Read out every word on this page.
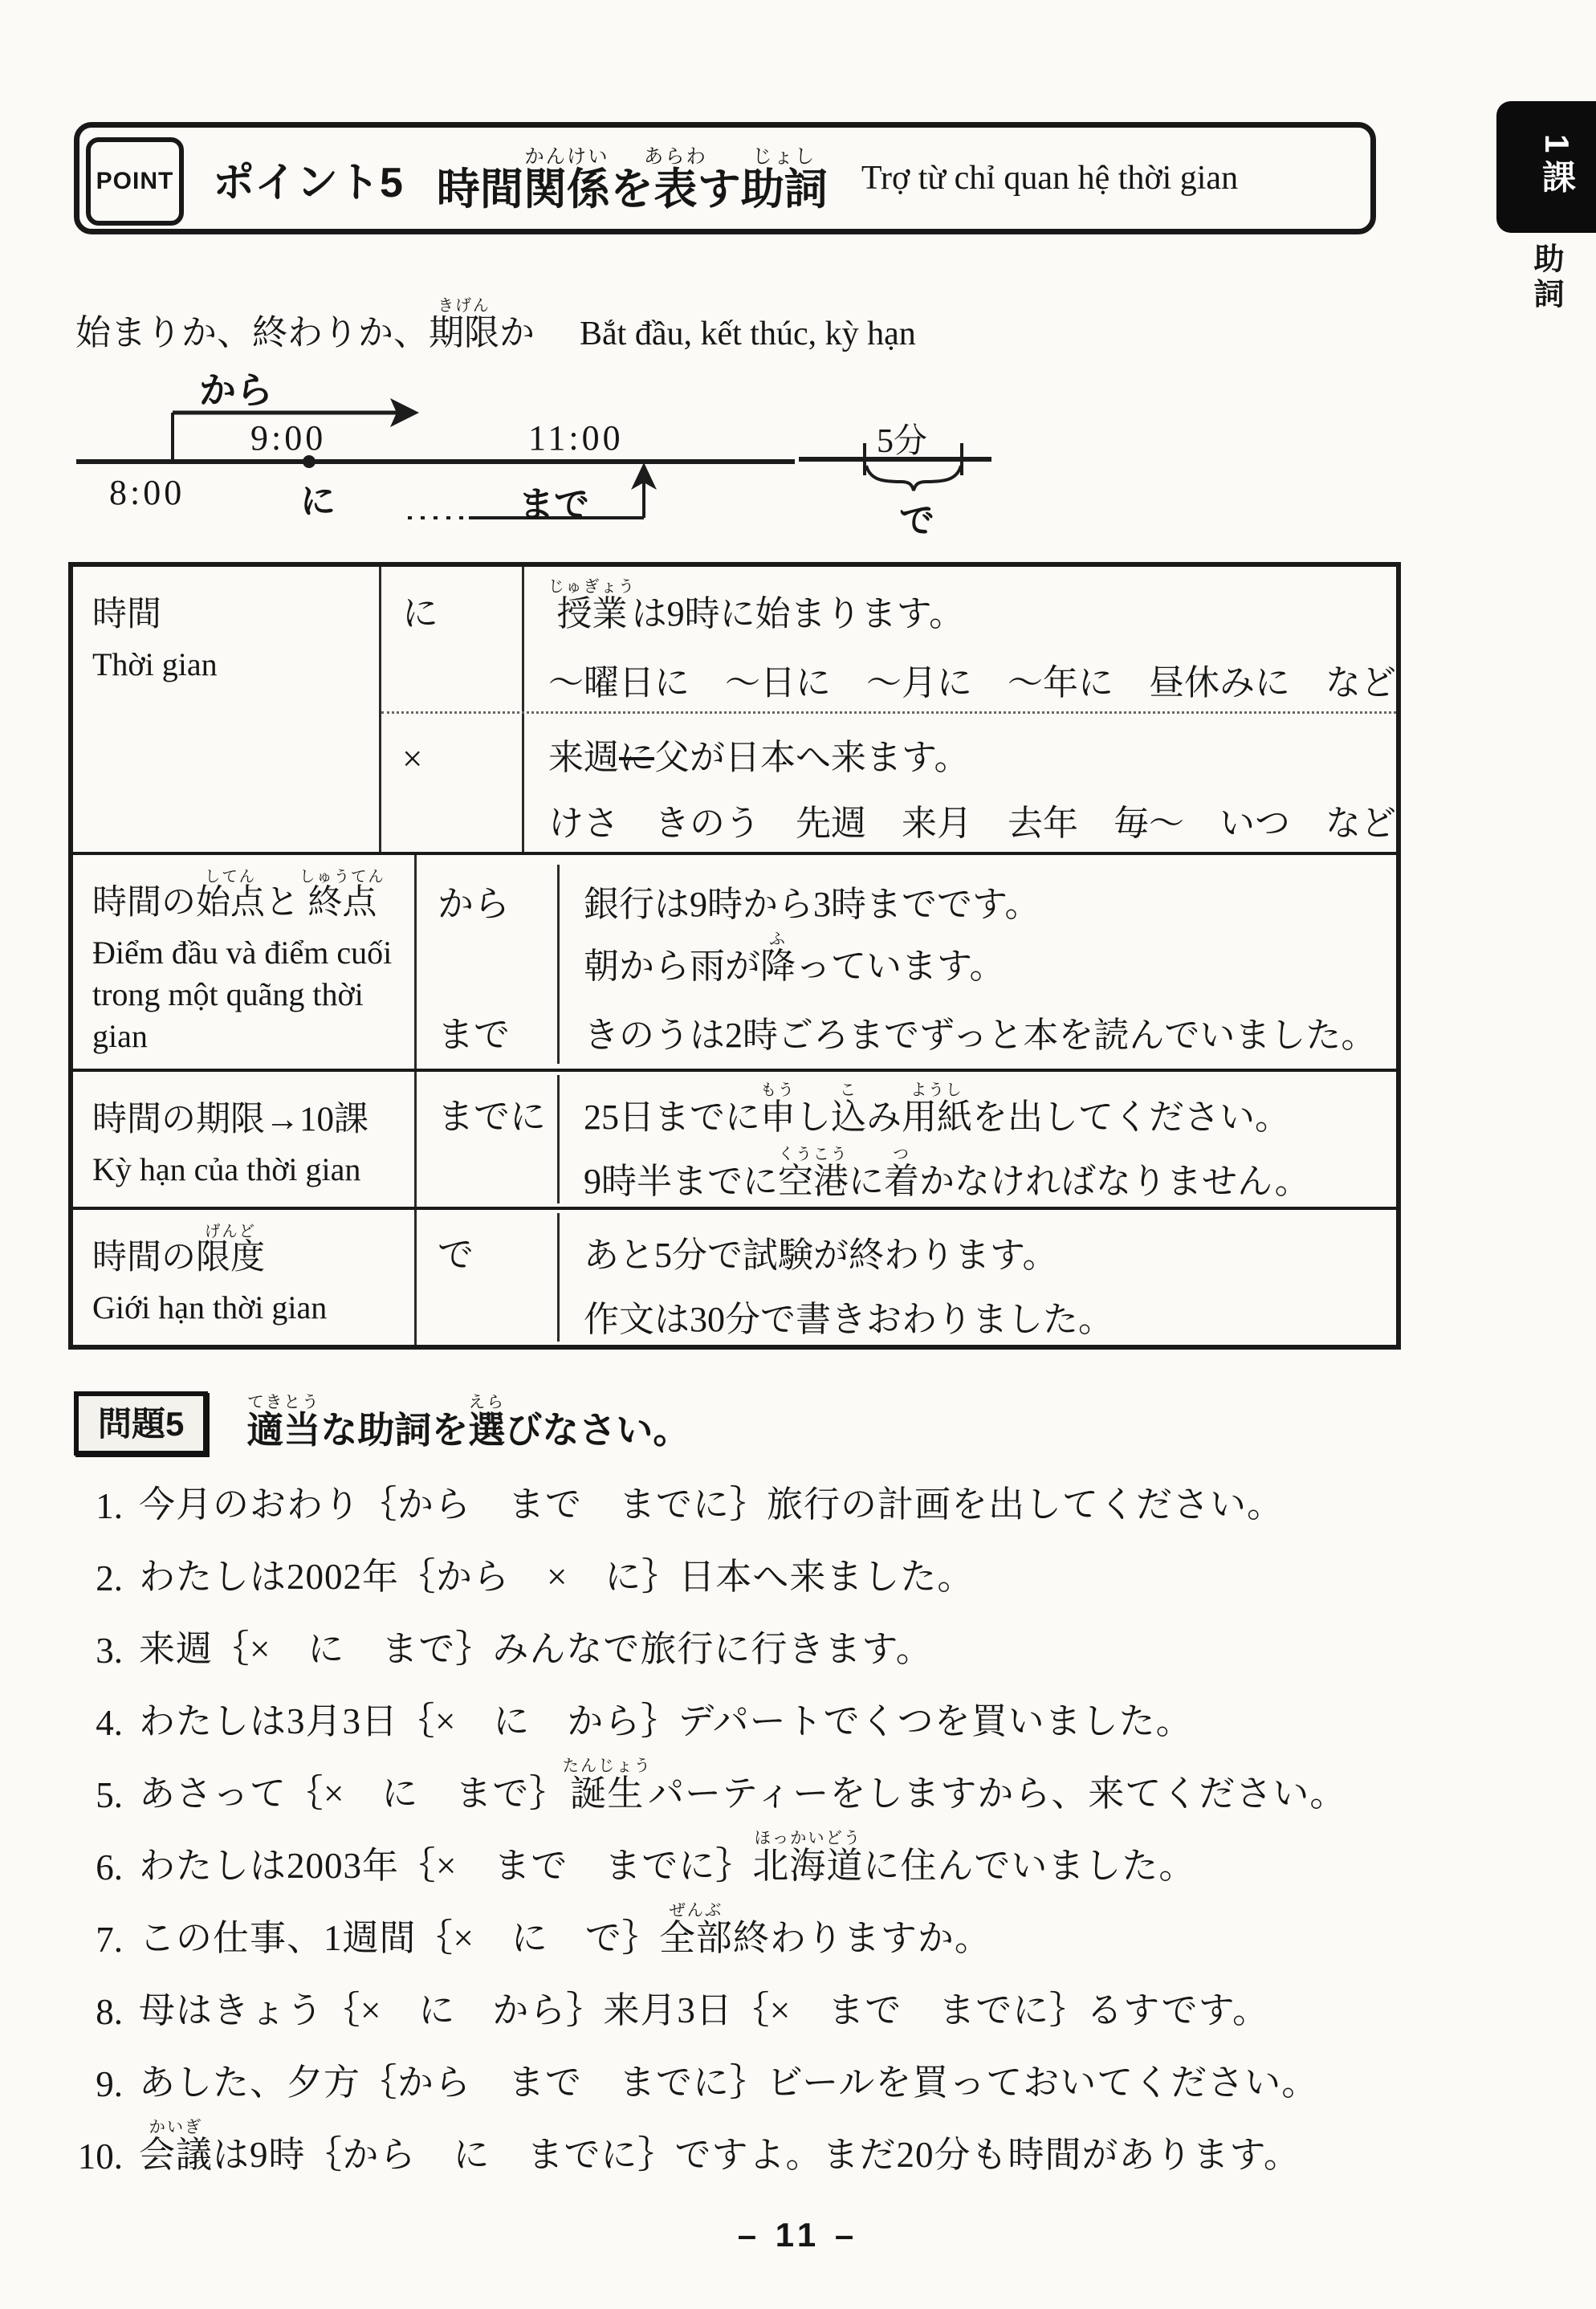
POINT ポイント5 時間関係かんけいを表あらわす助詞じょし
Trợ từ chỉ quan hệ thời gian	1課
助詞
始まりか、終わりか、期限きげんか Bắt đầu, kết thúc, kỳ hạn
から
9:00	11:00
8:00	に	まで
5分
で
時間
Thời gian
に	授業じゅぎょうは9時に始まります。
～曜日に　～日に　～月に　～年に　昼休みに　など
×	来週に父が日本へ来ます。
けさ　きのう　先週　来月　去年　毎～　いつ　など
時間の 始点してん
と 終点しゅうてん
Điểm đầu và điểm cuối trong một quãng thời gian
から 銀行は9時から3時までです。
朝から雨が降ふっています。
まで きのうは2時ごろまでずっと本を読んでいました。
時間の期限→10課
Kỳ hạn của thời gian
までに 25日までに申もうし込こみ用紙ようしを出してください。
9時半までに空港くうこうに着つかなければなりません。
時間の 限度げんど
Giới hạn thời gian
で	あと5分で試験が終わります。
作文は30分で書きおわりました。
問題5	適当てきとうな助詞を選えらびなさい。
1. 今月のおわり｛から　まで　までに｝旅行の計画を出してください。
2. わたしは2002年｛から　×　に｝日本へ来ました。
3. 来週｛×　に　まで｝みんなで旅行に行きます。
4. わたしは3月3日｛×　に　から｝デパートでくつを買いました。
5. あさって｛×　に　まで｝誕生たんじょうパーティーをしますから、来てください。
6. わたしは2003年｛×　まで　までに｝北海道ほっかいどうに住んでいました。
7. この仕事、1週間｛×　に　で｝全部ぜんぶ終わりますか。
8. 母はきょう｛×　に　から｝来月3日｛×　まで　までに｝るすです。
9. あした、夕方｛から　まで　までに｝ビールを買っておいてください。
10. 会議かいぎは9時｛から　に　までに｝ですよ。まだ20分も時間があります。
– 11 –
